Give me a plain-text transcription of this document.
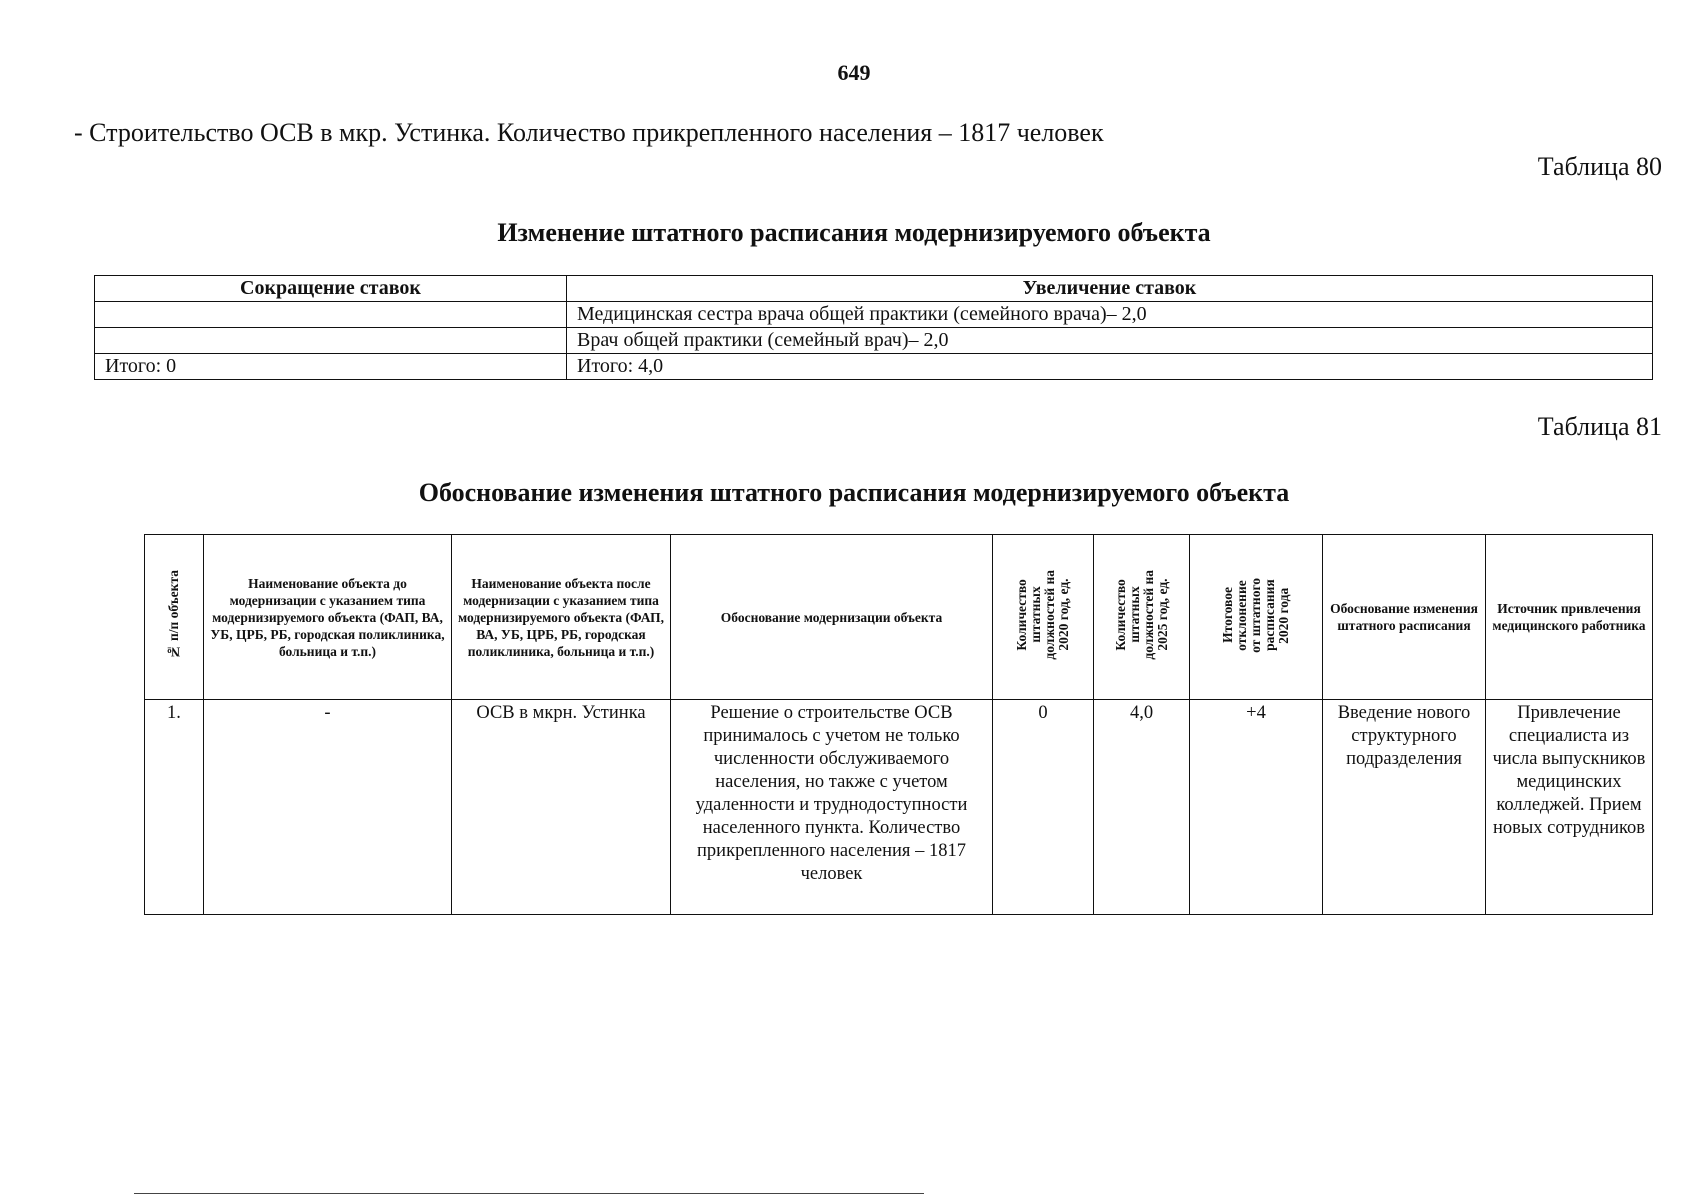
649
- Строительство ОСВ в мкр. Устинка. Количество прикрепленного населения – 1817 человек
Таблица 80
Изменение штатного расписания модернизируемого объекта
Сокращение ставок	Увеличение ставок
	Медицинская сестра врача общей практики (семейного врача)– 2,0
	Врач общей практики (семейный врач)– 2,0
Итого: 0	Итого: 4,0
Таблица 81
Обоснование изменения штатного расписания модернизируемого объекта
№ п/п объекта	Наименование объекта до модернизации с указанием типа модернизируемого объекта (ФАП, ВА, УБ, ЦРБ, РБ, городская поликлиника, больница и т.п.)	Наименование объекта после модернизации с указанием типа модернизируемого объекта (ФАП, ВА, УБ, ЦРБ, РБ, городская поликлиника, больница и т.п.)	Обоснование модернизации объекта	Количество
штатных
должностей на
2020 год, ед.	Количество
штатных
должностей на
2025 год, ед.	Итоговое
отклонение
от штатного
расписания
2020 года	Обоснование изменения штатного расписания	Источник привлечения медицинского работника
1.	-	ОСВ в мкрн. Устинка	Решение о строительстве ОСВ принималось с учетом не только численности обслуживаемого населения, но также с учетом удаленности и труднодоступности населенного пункта. Количество прикрепленного населения – 1817 человек	0	4,0	+4	Введение нового структурного подразделения	Привлечение специалиста из числа выпускников медицинских колледжей. Прием новых сотрудников
